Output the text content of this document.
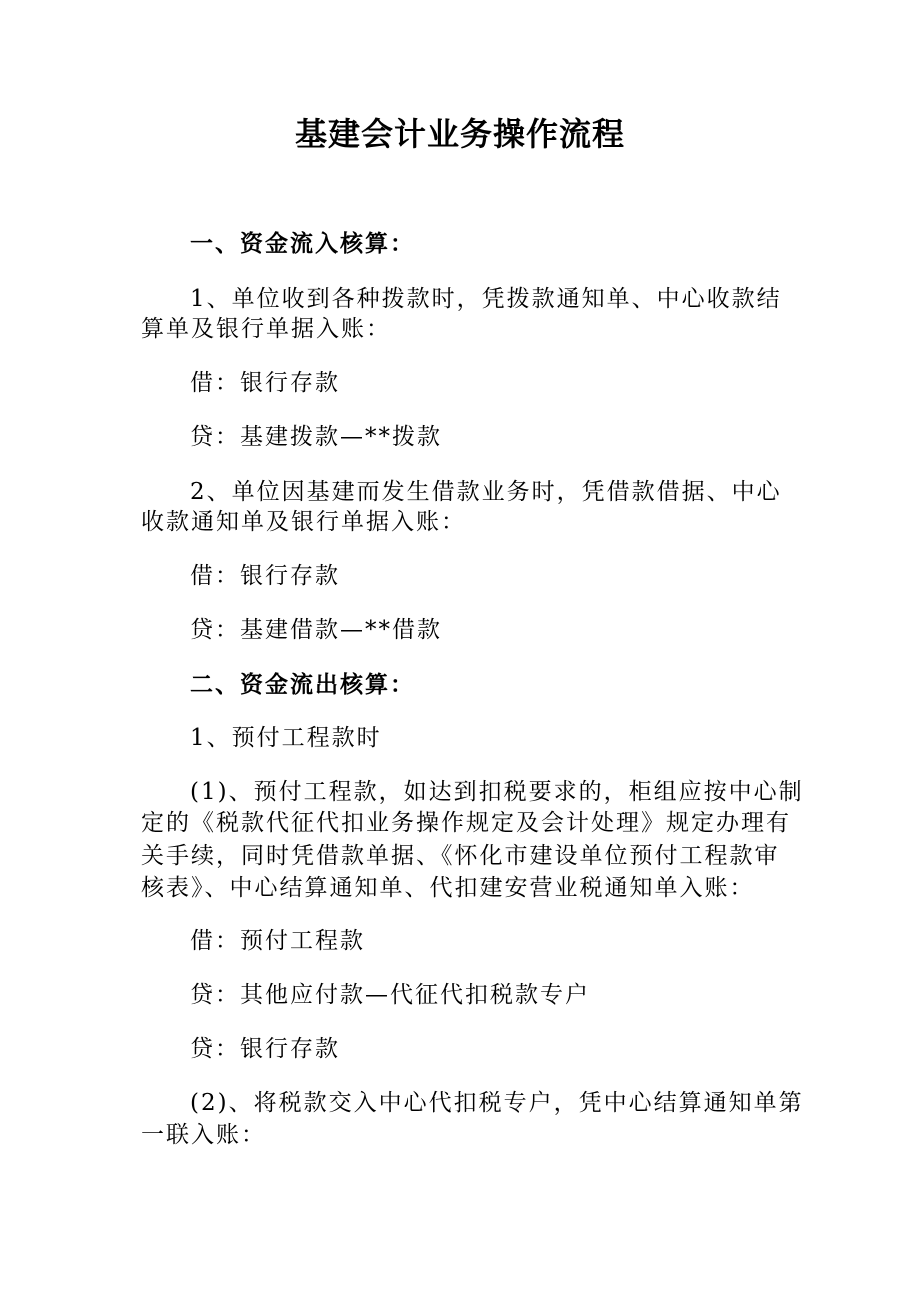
基建会计业务操作流程

一、资金流入核算：

1、单位收到各种拨款时，凭拨款通知单、中心收款结

算单及银行单据入账：

借：银行存款

贷：基建拨款—**拨款

2、单位因基建而发生借款业务时，凭借款借据、中心

收款通知单及银行单据入账：

借：银行存款

贷：基建借款—**借款

二、资金流出核算：

1、预付工程款时

(1)、预付工程款，如达到扣税要求的，柜组应按中心制

定的《税款代征代扣业务操作规定及会计处理》规定办理有

关手续，同时凭借款单据、《怀化市建设单位预付工程款审

核表》、中心结算通知单、代扣建安营业税通知单入账：

借：预付工程款

贷：其他应付款—代征代扣税款专户

贷：银行存款

(2)、将税款交入中心代扣税专户，凭中心结算通知单第

一联入账：
